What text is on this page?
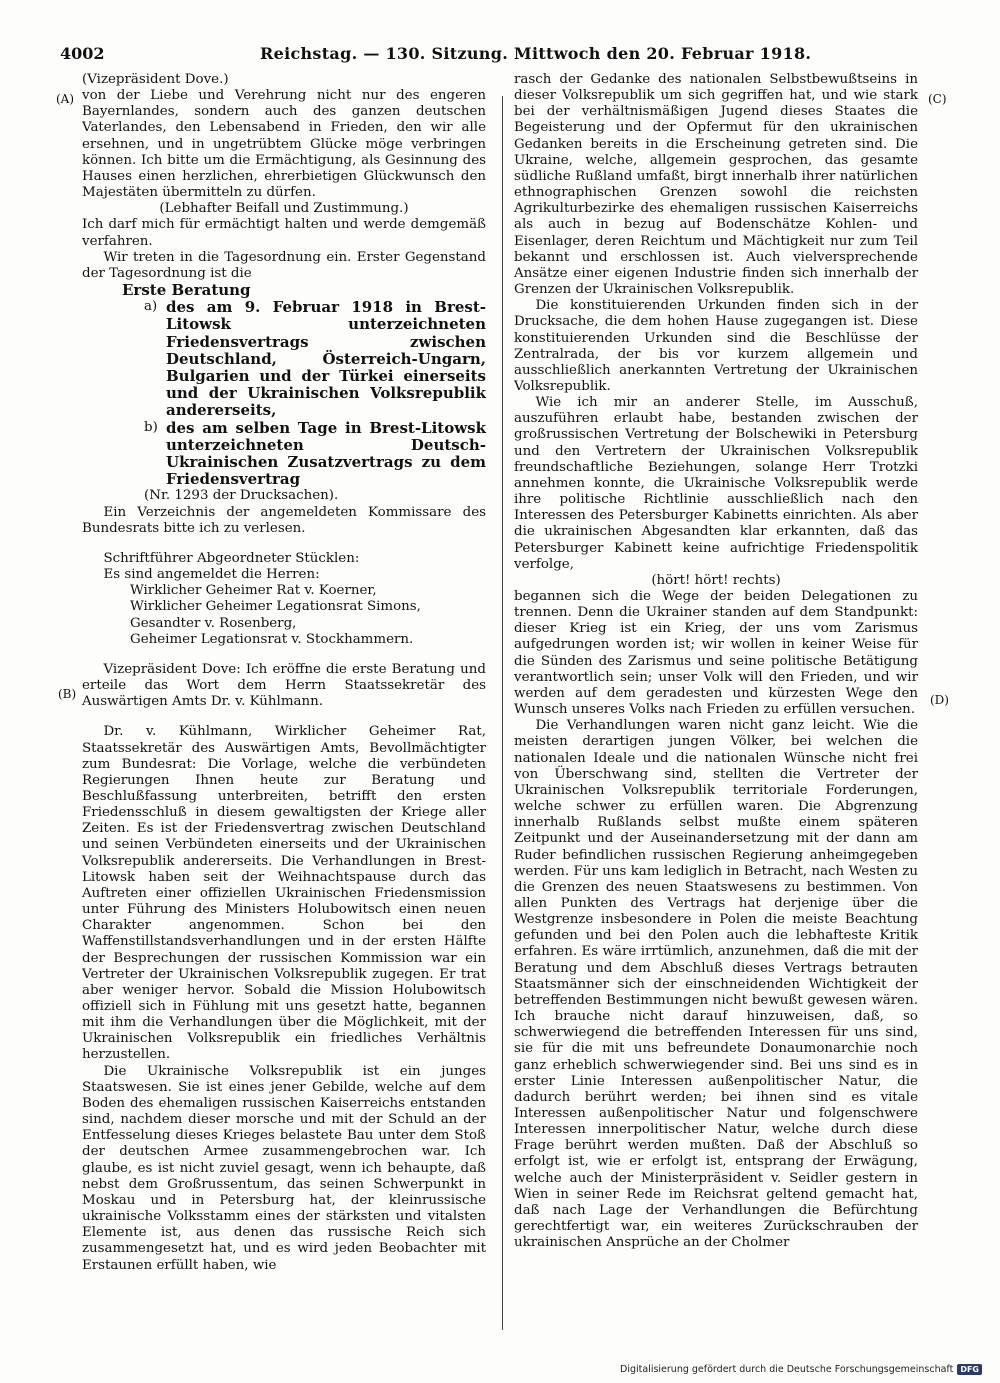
4002	Reichstag. — 130. Sitzung. Mittwoch den 20. Februar 1918.
(A)
(B)
(C)
(D)

(Vizepräsident Dove.)

von der Liebe und Verehrung nicht nur des engeren Bayernlandes, sondern auch des ganzen deutschen Vaterlandes, den Lebensabend in Frieden, den wir alle ersehnen, und in ungetrübtem Glücke möge verbringen können. Ich bitte um die Ermächtigung, als Gesinnung des Hauses einen herzlichen, ehrerbietigen Glückwunsch den Majestäten übermitteln zu dürfen.

(Lebhafter Beifall und Zustimmung.)

Ich darf mich für ermächtigt halten und werde demgemäß verfahren.

Wir treten in die Tagesordnung ein. Erster Gegenstand der Tagesordnung ist die

Erste Beratung

a) des am 9. Februar 1918 in Brest-Litowsk unterzeichneten Friedensvertrags zwischen Deutschland, Österreich-Ungarn, Bulgarien und der Türkei einerseits und der Ukrainischen Volksrepublik andererseits,
b) des am selben Tage in Brest-Litowsk unterzeichneten Deutsch-Ukrainischen Zusatzvertrags zu dem Friedensvertrag

(Nr. 1293 der Drucksachen).

Ein Verzeichnis der angemeldeten Kommissare des Bundesrats bitte ich zu verlesen.

Schriftführer Abgeordneter Stücklen:

Es sind angemeldet die Herren:

Wirklicher Geheimer Rat v. Koerner,

Wirklicher Geheimer Legationsrat Simons,

Gesandter v. Rosenberg,

Geheimer Legationsrat v. Stockhammern.

Vizepräsident Dove: Ich eröffne die erste Beratung und erteile das Wort dem Herrn Staatssekretär des Auswärtigen Amts Dr. v. Kühlmann.

Dr. v. Kühlmann, Wirklicher Geheimer Rat, Staatssekretär des Auswärtigen Amts, Bevollmächtigter zum Bundesrat: Die Vorlage, welche die verbündeten Regierungen Ihnen heute zur Beratung und Beschlußfassung unterbreiten, betrifft den ersten Friedensschluß in diesem gewaltigsten der Kriege aller Zeiten. Es ist der Friedensvertrag zwischen Deutschland und seinen Verbündeten einerseits und der Ukrainischen Volksrepublik andererseits. Die Verhandlungen in Brest-Litowsk haben seit der Weihnachtspause durch das Auftreten einer offiziellen Ukrainischen Friedensmission unter Führung des Ministers Holubowitsch einen neuen Charakter angenommen. Schon bei den Waffenstillstandsverhandlungen und in der ersten Hälfte der Besprechungen der russischen Kommission war ein Vertreter der Ukrainischen Volksrepublik zugegen. Er trat aber weniger hervor. Sobald die Mission Holubowitsch offiziell sich in Fühlung mit uns gesetzt hatte, begannen mit ihm die Verhandlungen über die Möglichkeit, mit der Ukrainischen Volksrepublik ein friedliches Verhältnis herzustellen.

Die Ukrainische Volksrepublik ist ein junges Staatswesen. Sie ist eines jener Gebilde, welche auf dem Boden des ehemaligen russischen Kaiserreichs entstanden sind, nachdem dieser morsche und mit der Schuld an der Entfesselung dieses Krieges belastete Bau unter dem Stoß der deutschen Armee zusammengebrochen war. Ich glaube, es ist nicht zuviel gesagt, wenn ich behaupte, daß nebst dem Großrussentum, das seinen Schwerpunkt in Moskau und in Petersburg hat, der kleinrussische ukrainische Volksstamm eines der stärksten und vitalsten Elemente ist, aus denen das russische Reich sich zusammengesetzt hat, und es wird jeden Beobachter mit Erstaunen erfüllt haben, wie

rasch der Gedanke des nationalen Selbstbewußtseins in dieser Volksrepublik um sich gegriffen hat, und wie stark bei der verhältnismäßigen Jugend dieses Staates die Begeisterung und der Opfermut für den ukrainischen Gedanken bereits in die Erscheinung getreten sind. Die Ukraine, welche, allgemein gesprochen, das gesamte südliche Rußland umfaßt, birgt innerhalb ihrer natürlichen ethnographischen Grenzen sowohl die reichsten Agrikulturbezirke des ehemaligen russischen Kaiserreichs als auch in bezug auf Bodenschätze Kohlen- und Eisenlager, deren Reichtum und Mächtigkeit nur zum Teil bekannt und erschlossen ist. Auch vielversprechende Ansätze einer eigenen Industrie finden sich innerhalb der Grenzen der Ukrainischen Volksrepublik.

Die konstituierenden Urkunden finden sich in der Drucksache, die dem hohen Hause zugegangen ist. Diese konstituierenden Urkunden sind die Beschlüsse der Zentralrada, der bis vor kurzem allgemein und ausschließlich anerkannten Vertretung der Ukrainischen Volksrepublik.

Wie ich mir an anderer Stelle, im Ausschuß, auszuführen erlaubt habe, bestanden zwischen der großrussischen Vertretung der Bolschewiki in Petersburg und den Vertretern der Ukrainischen Volksrepublik freundschaftliche Beziehungen, solange Herr Trotzki annehmen konnte, die Ukrainische Volksrepublik werde ihre politische Richtlinie ausschließlich nach den Interessen des Petersburger Kabinetts einrichten. Als aber die ukrainischen Abgesandten klar erkannten, daß das Petersburger Kabinett keine aufrichtige Friedenspolitik verfolge,

(hört! hört! rechts)

begannen sich die Wege der beiden Delegationen zu trennen. Denn die Ukrainer standen auf dem Standpunkt: dieser Krieg ist ein Krieg, der uns vom Zarismus aufgedrungen worden ist; wir wollen in keiner Weise für die Sünden des Zarismus und seine politische Betätigung verantwortlich sein; unser Volk will den Frieden, und wir werden auf dem geradesten und kürzesten Wege den Wunsch unseres Volks nach Frieden zu erfüllen versuchen.

Die Verhandlungen waren nicht ganz leicht. Wie die meisten derartigen jungen Völker, bei welchen die nationalen Ideale und die nationalen Wünsche nicht frei von Überschwang sind, stellten die Vertreter der Ukrainischen Volksrepublik territoriale Forderungen, welche schwer zu erfüllen waren. Die Abgrenzung innerhalb Rußlands selbst mußte einem späteren Zeitpunkt und der Auseinandersetzung mit der dann am Ruder befindlichen russischen Regierung anheimgegeben werden. Für uns kam lediglich in Betracht, nach Westen zu die Grenzen des neuen Staatswesens zu bestimmen. Von allen Punkten des Vertrags hat derjenige über die Westgrenze insbesondere in Polen die meiste Beachtung gefunden und bei den Polen auch die lebhafteste Kritik erfahren. Es wäre irrtümlich, anzunehmen, daß die mit der Beratung und dem Abschluß dieses Vertrags betrauten Staatsmänner sich der einschneidenden Wichtigkeit der betreffenden Bestimmungen nicht bewußt gewesen wären. Ich brauche nicht darauf hinzuweisen, daß, so schwerwiegend die betreffenden Interessen für uns sind, sie für die mit uns befreundete Donaumonarchie noch ganz erheblich schwerwiegender sind. Bei uns sind es in erster Linie Interessen außenpolitischer Natur, die dadurch berührt werden; bei ihnen sind es vitale Interessen außenpolitischer Natur und folgenschwere Interessen innerpolitischer Natur, welche durch diese Frage berührt werden mußten. Daß der Abschluß so erfolgt ist, wie er erfolgt ist, entsprang der Erwägung, welche auch der Ministerpräsident v. Seidler gestern in Wien in seiner Rede im Reichsrat geltend gemacht hat, daß nach Lage der Verhandlungen die Befürchtung gerechtfertigt war, ein weiteres Zurückschrauben der ukrainischen Ansprüche an der Cholmer

Digitalisierung gefördert durch die Deutsche Forschungsgemeinschaft DFG
